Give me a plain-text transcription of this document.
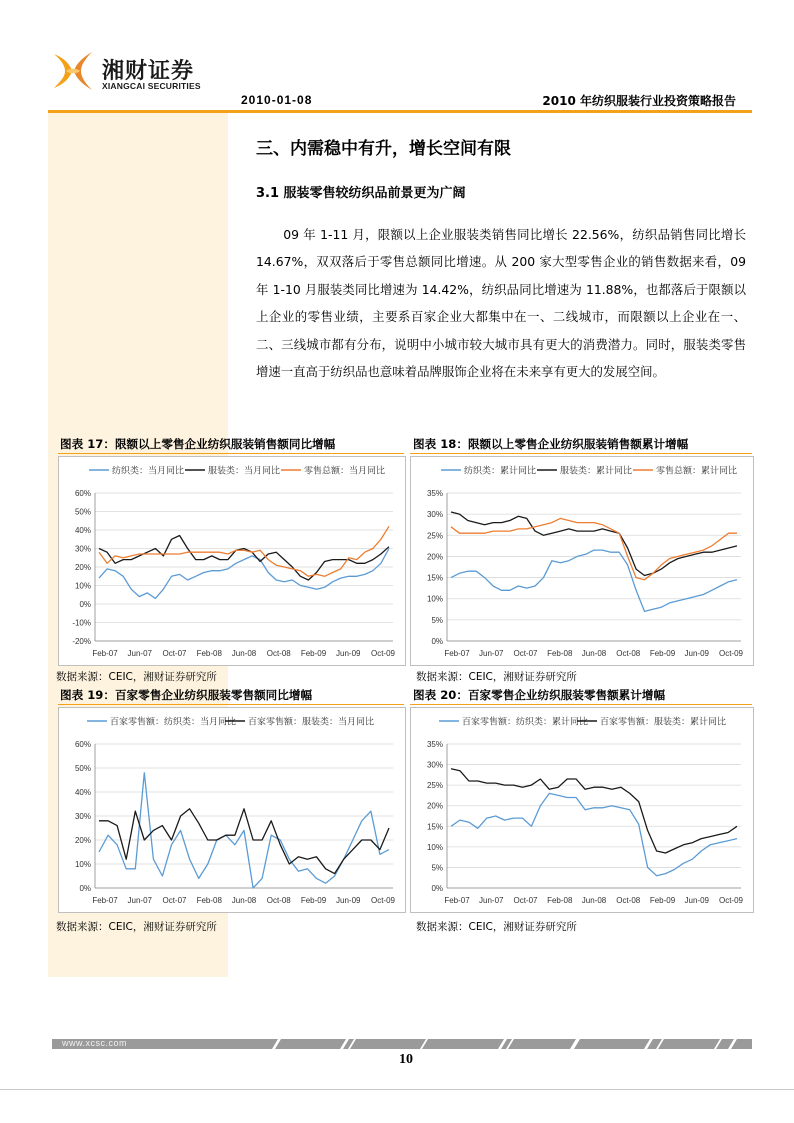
湘财证券
XIANGCAI SECURITIES
2010-01-08	2010 年纺织服装行业投资策略报告
三、内需稳中有升，增长空间有限
3.1 服装零售较纺织品前景更为广阔

09 年 1-11 月，限额以上企业服装类销售同比增长 22.56%，纺织品销售同比增长 14.67%，双双落后于零售总额同比增速。从 200 家大型零售企业的销售数据来看，09 年 1-10 月服装类同比增速为 14.42%，纺织品同比增速为 11.88%，也都落后于限额以上企业的零售业绩，主要系百家企业大都集中在一、二线城市，而限额以上企业在一、二、三线城市都有分布，说明中小城市较大城市具有更大的消费潜力。同时，服装类零售增速一直高于纺织品也意味着品牌服饰企业将在未来享有更大的发展空间。

图表 17：限额以上零售企业纺织服装销售额同比增幅
纺织类：当月同比	服装类：当月同比	零售总额：当月同比
-20%
-10%
0%
10%
20%
30%
40%
50%
60%
Feb-07 Jun-07 Oct-07 Feb-08 Jun-08 Oct-08 Feb-09 Jun-09 Oct-09
数据来源：CEIC，湘财证券研究所
图表 18：限额以上零售企业纺织服装销售额累计增幅
纺织类：累计同比	服装类：累计同比	零售总额：累计同比
0%
5%
10%
15%
20%
25%
30%
35%
Feb-07 Jun-07 Oct-07 Feb-08 Jun-08 Oct-08 Feb-09 Jun-09 Oct-09
数据来源：CEIC，湘财证券研究所
图表 19：百家零售企业纺织服装零售额同比增幅
百家零售额：纺织类：当月同比 百家零售额：服装类：当月同比
0%
10%
20%
30%
40%
50%
60%
Feb-07 Jun-07 Oct-07 Feb-08 Jun-08 Oct-08 Feb-09 Jun-09 Oct-09
数据来源：CEIC，湘财证券研究所
图表 20：百家零售企业纺织服装零售额累计增幅
百家零售额：纺织类：累计同比 百家零售额：服装类：累计同比
0%
5%
10%
15%
20%
25%
30%
35%
Feb-07 Jun-07 Oct-07 Feb-08 Jun-08 Oct-08 Feb-09 Jun-09 Oct-09
数据来源：CEIC，湘财证券研究所
www.xcsc.com
10
